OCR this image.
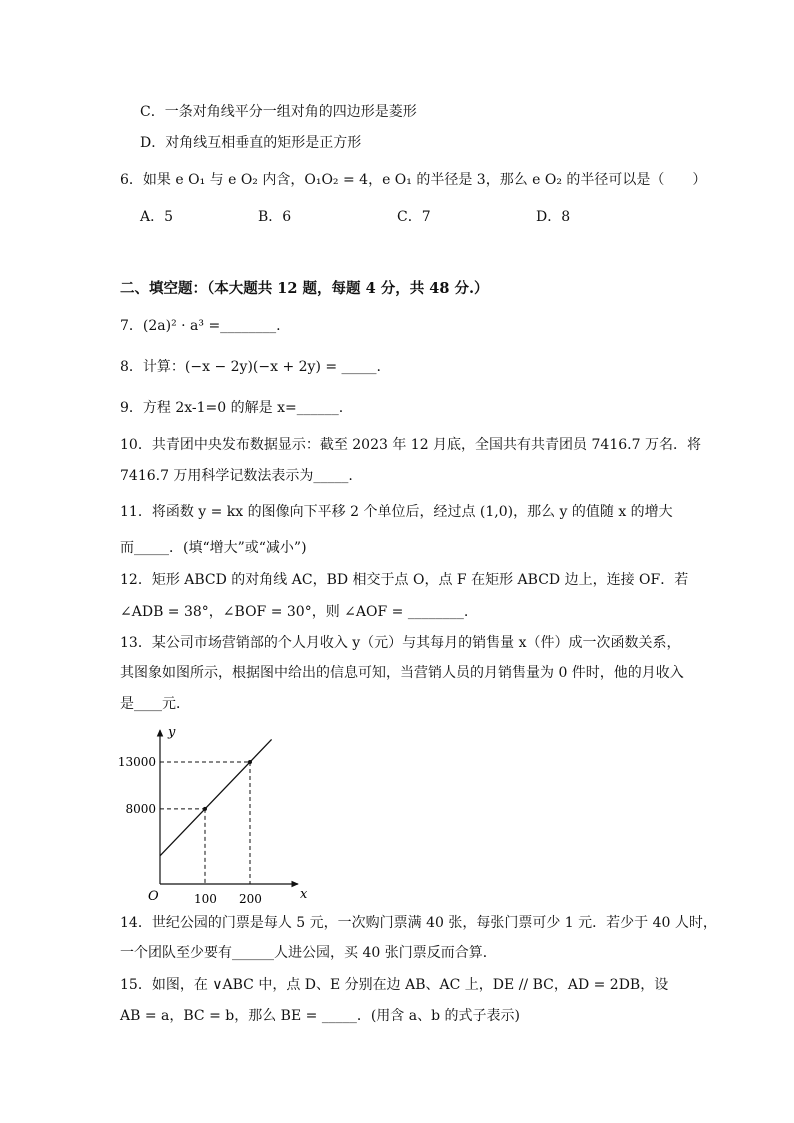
C．一条对角线平分一组对角的四边形是菱形
D．对角线互相垂直的矩形是正方形
6．如果 e O₁ 与 e O₂ 内含，O₁O₂ = 4，e O₁ 的半径是 3，那么 e O₂ 的半径可以是（　　）
A．5	B．6	C．7	D．8
二、填空题：（本大题共 12 题，每题 4 分，共 48 分.）
7．(2a)² · a³ =________.
8．计算：(−x − 2y)(−x + 2y) = _____.
9．方程 2x-1=0 的解是 x=______.
10．共青团中央发布数据显示：截至 2023 年 12 月底，全国共有共青团员 7416.7 万名．将
7416.7 万用科学记数法表示为_____.
11．将函数 y = kx 的图像向下平移 2 个单位后，经过点 (1,0)，那么 y 的值随 x 的增大
而_____．(填“增大”或“减小”)
12．矩形 ABCD 的对角线 AC，BD 相交于点 O，点 F 在矩形 ABCD 边上，连接 OF．若
∠ADB = 38°，∠BOF = 30°，则 ∠AOF = ________.
13．某公司市场营销部的个人月收入 y（元）与其每月的销售量 x（件）成一次函数关系，
其图象如图所示，根据图中给出的信息可知，当营销人员的月销售量为 0 件时，他的月收入
是____元．
x
y
O	100 200
8000
13000
14．世纪公园的门票是每人 5 元，一次购门票满 40 张，每张门票可少 1 元．若少于 40 人时，
一个团队至少要有______人进公园，买 40 张门票反而合算．
15．如图，在 ∨ABC 中，点 D、E 分别在边 AB、AC 上，DE // BC，AD = 2DB，设
AB = a，BC = b，那么 BE = _____．(用含 a、b 的式子表示)
